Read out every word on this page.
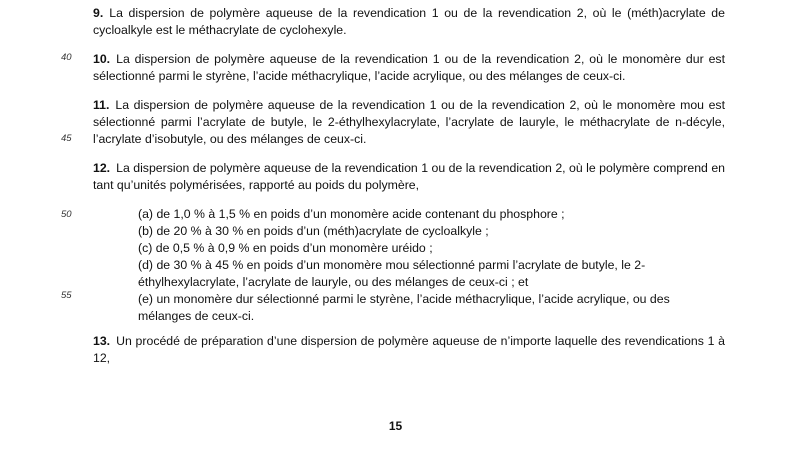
40
45
50
55
9. La dispersion de polymère aqueuse de la revendication 1 ou de la revendication 2, où le (méth)acrylate de cycloalkyle est le méthacrylate de cyclohexyle.
10. La dispersion de polymère aqueuse de la revendication 1 ou de la revendication 2, où le monomère dur est sélectionné parmi le styrène, l’acide méthacrylique, l’acide acrylique, ou des mélanges de ceux-ci.
11. La dispersion de polymère aqueuse de la revendication 1 ou de la revendication 2, où le monomère mou est sélectionné parmi l’acrylate de butyle, le 2-éthylhexylacrylate, l’acrylate de lauryle, le méthacrylate de n-décyle, l’acrylate d’isobutyle, ou des mélanges de ceux-ci.
12. La dispersion de polymère aqueuse de la revendication 1 ou de la revendication 2, où le polymère comprend en tant qu’unités polymérisées, rapporté au poids du polymère,
(a) de 1,0 % à 1,5 % en poids d’un monomère acide contenant du phosphore ;
(b) de 20 % à 30 % en poids d’un (méth)acrylate de cycloalkyle ;
(c) de 0,5 % à 0,9 % en poids d’un monomère uréido ;
(d) de 30 % à 45 % en poids d’un monomère mou sélectionné parmi l’acrylate de butyle, le 2-éthylhexylacrylate, l’acrylate de lauryle, ou des mélanges de ceux-ci ; et
(e) un monomère dur sélectionné parmi le styrène, l’acide méthacrylique, l’acide acrylique, ou des mélanges de ceux-ci.
13. Un procédé de préparation d’une dispersion de polymère aqueuse de n’importe laquelle des revendications 1 à 12,
15
